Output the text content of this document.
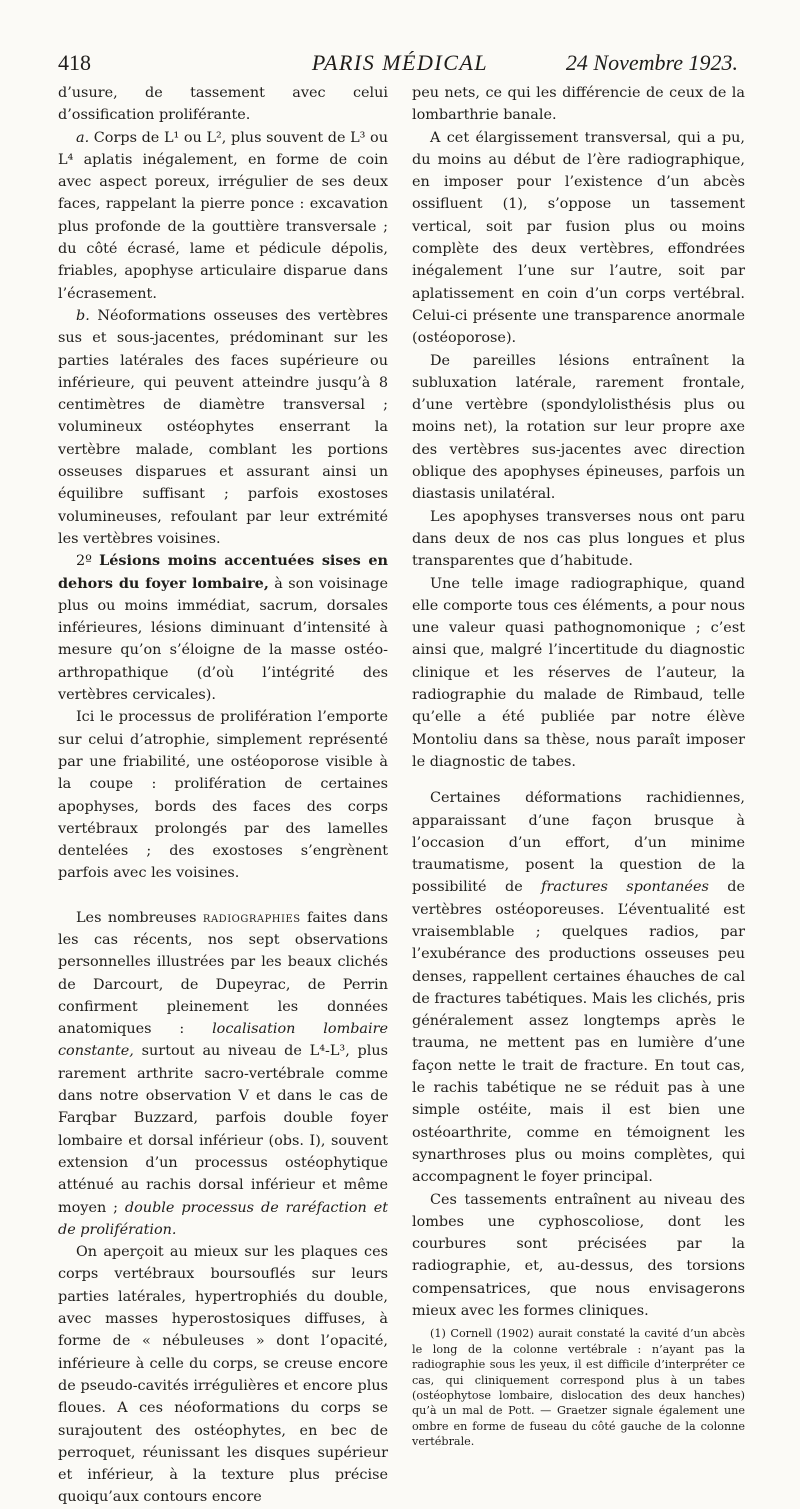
418	PARIS MÉDICAL	24 Novembre 1923.

d’usure, de tassement avec celui d’ossification proliférante.

a. Corps de L¹ ou L², plus souvent de L³ ou L⁴ aplatis inégalement, en forme de coin avec aspect poreux, irrégulier de ses deux faces, rappelant la pierre ponce : excavation plus profonde de la gouttière transversale ; du côté écrasé, lame et pédicule dépolis, friables, apophyse articulaire disparue dans l’écrasement.

b. Néoformations osseuses des vertèbres sus et sous-jacentes, prédominant sur les parties latérales des faces supérieure ou inférieure, qui peuvent atteindre jusqu’à 8 centimètres de diamètre transversal ; volumineux ostéophytes enserrant la vertèbre malade, comblant les portions osseuses disparues et assurant ainsi un équilibre suffisant ; parfois exostoses volumineuses, refoulant par leur extrémité les vertèbres voisines.

2º Lésions moins accentuées sises en dehors du foyer lombaire, à son voisinage plus ou moins immédiat, sacrum, dorsales inférieures, lésions diminuant d’intensité à mesure qu’on s’éloigne de la masse ostéo-arthropathique (d’où l’intégrité des vertèbres cervicales).

Ici le processus de prolifération l’emporte sur celui d’atrophie, simplement représenté par une friabilité, une ostéoporose visible à la coupe : prolifération de certaines apophyses, bords des faces des corps vertébraux prolongés par des lamelles dentelées ; des exostoses s’engrènent parfois avec les voisines.

Les nombreuses radiographies faites dans les cas récents, nos sept observations personnelles illustrées par les beaux clichés de Darcourt, de Dupeyrac, de Perrin confirment pleinement les données anatomiques : localisation lombaire constante, surtout au niveau de L⁴-L³, plus rarement arthrite sacro-vertébrale comme dans notre observation V et dans le cas de Farqbar Buzzard, parfois double foyer lombaire et dorsal inférieur (obs. I), souvent extension d’un processus ostéophytique atténué au rachis dorsal inférieur et même moyen ; double processus de raréfaction et de prolifération.

On aperçoit au mieux sur les plaques ces corps vertébraux boursouflés sur leurs parties latérales, hypertrophiés du double, avec masses hyperostosiques diffuses, à forme de « nébuleuses » dont l’opacité, inférieure à celle du corps, se creuse encore de pseudo-cavités irrégulières et encore plus floues. A ces néoformations du corps se surajoutent des ostéophytes, en bec de perroquet, réunissant les disques supérieur et inférieur, à la texture plus précise quoiqu’aux contours encore

peu nets, ce qui les différencie de ceux de la lombarthrie banale.

A cet élargissement transversal, qui a pu, du moins au début de l’ère radiographique, en imposer pour l’existence d’un abcès ossifluent (1), s’oppose un tassement vertical, soit par fusion plus ou moins complète des deux vertèbres, effondrées inégalement l’une sur l’autre, soit par aplatissement en coin d’un corps vertébral. Celui-ci présente une transparence anormale (ostéoporose).

De pareilles lésions entraînent la subluxation latérale, rarement frontale, d’une vertèbre (spondylolisthésis plus ou moins net), la rotation sur leur propre axe des vertèbres sus-jacentes avec direction oblique des apophyses épineuses, parfois un diastasis unilatéral.

Les apophyses transverses nous ont paru dans deux de nos cas plus longues et plus transparentes que d’habitude.

Une telle image radiographique, quand elle comporte tous ces éléments, a pour nous une valeur quasi pathognomonique ; c’est ainsi que, malgré l’incertitude du diagnostic clinique et les réserves de l’auteur, la radiographie du malade de Rimbaud, telle qu’elle a été publiée par notre élève Montoliu dans sa thèse, nous paraît imposer le diagnostic de tabes.

Certaines déformations rachidiennes, apparaissant d’une façon brusque à l’occasion d’un effort, d’un minime traumatisme, posent la question de la possibilité de fractures spontanées de vertèbres ostéoporeuses. L’éventualité est vraisemblable ; quelques radios, par l’exubérance des productions osseuses peu denses, rappellent certaines éhauches de cal de fractures tabétiques. Mais les clichés, pris généralement assez longtemps après le trauma, ne mettent pas en lumière d’une façon nette le trait de fracture. En tout cas, le rachis tabétique ne se réduit pas à une simple ostéite, mais il est bien une ostéoarthrite, comme en témoignent les synarthroses plus ou moins complètes, qui accompagnent le foyer principal.

Ces tassements entraînent au niveau des lombes une cyphoscoliose, dont les courbures sont précisées par la radiographie, et, au-dessus, des torsions compensatrices, que nous envisagerons mieux avec les formes cliniques.

(1) Cornell (1902) aurait constaté la cavité d’un abcès le long de la colonne vertébrale : n’ayant pas la radiographie sous les yeux, il est difficile d’interpréter ce cas, qui cliniquement correspond plus à un tabes (ostéophytose lombaire, dislocation des deux hanches) qu’à un mal de Pott. — Graetzer signale également une ombre en forme de fuseau du côté gauche de la colonne vertébrale.
